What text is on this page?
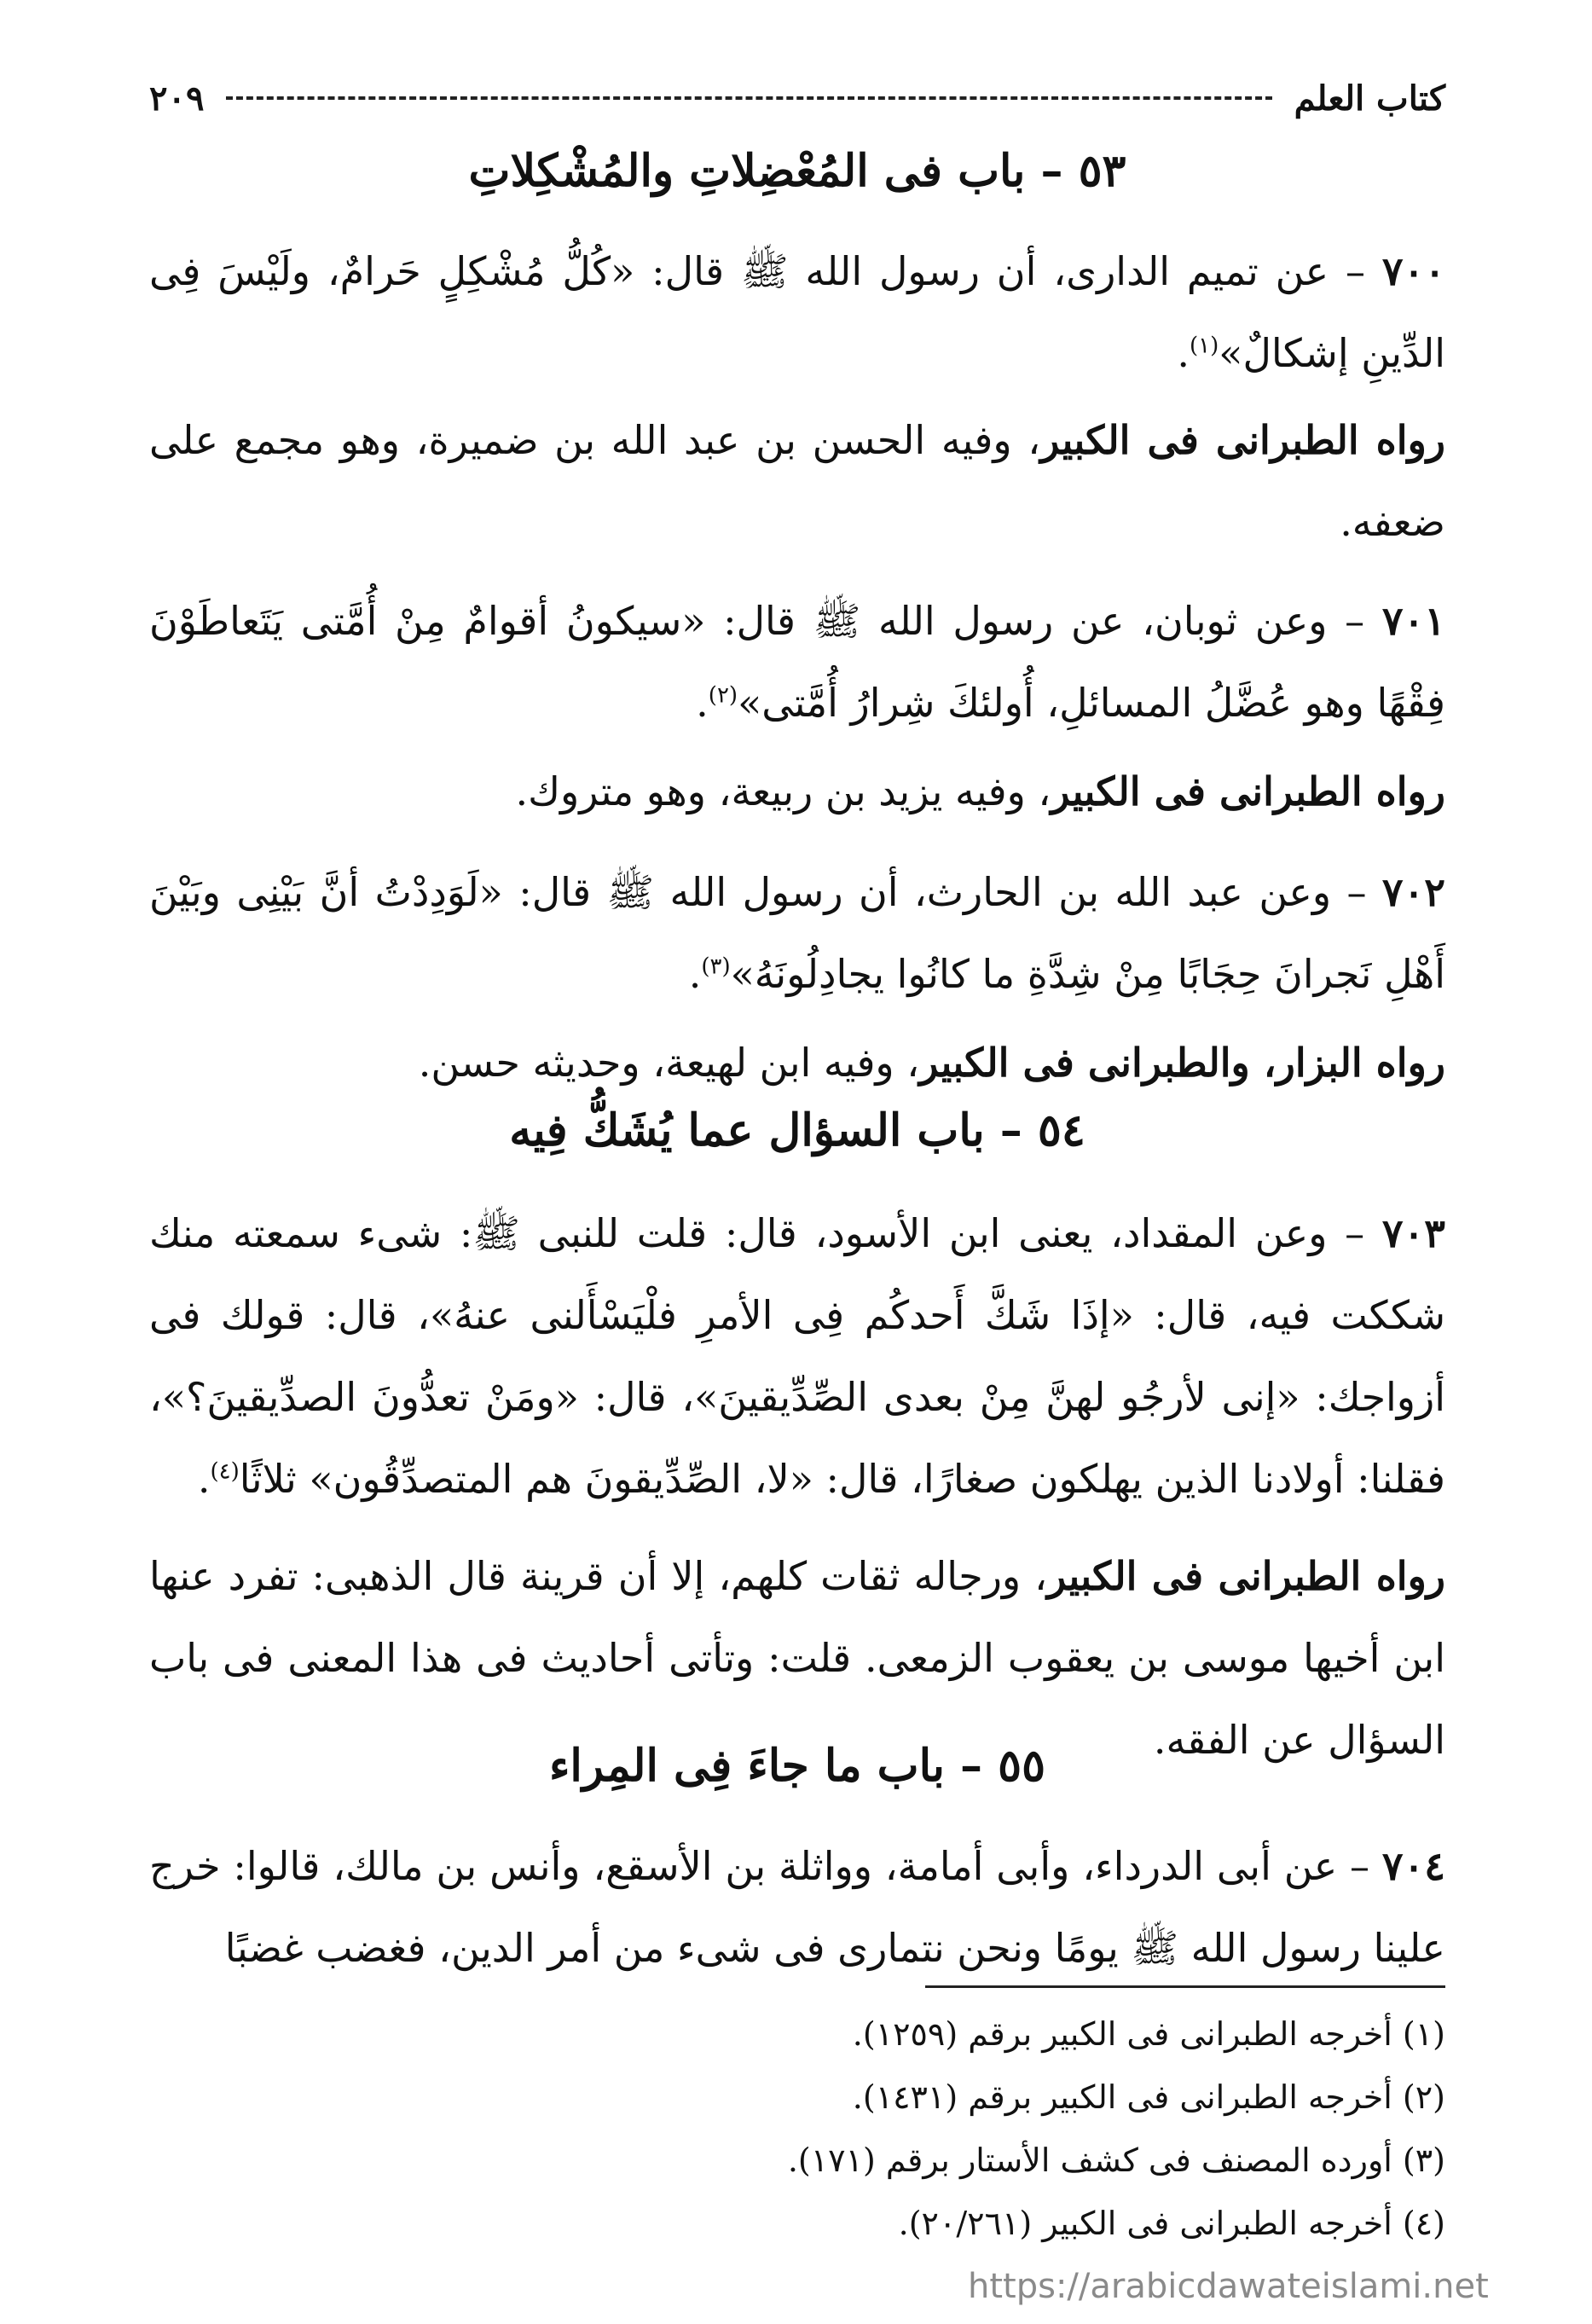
كتاب العلم
٢٠٩
٥٣ – باب فى المُعْضِلاتِ والمُشْكِلاتِ

٧٠٠ – عن تميم الدارى، أن رسول الله ﷺ قال: «كُلُّ مُشْكِلٍ حَرامٌ، ولَيْسَ فِى الدِّينِ إشكالٌ»$^{(١)}$.

رواه الطبرانى فى الكبير، وفيه الحسن بن عبد الله بن ضميرة، وهو مجمع على ضعفه.

٧٠١ – وعن ثوبان، عن رسول الله ﷺ قال: «سيكونُ أقوامٌ مِنْ أُمَّتى يَتَعاطَوْنَ فِقْهًا وهو عُضَّلُ المسائلِ، أُولئكَ شِرارُ أُمَّتى»$^{(٢)}$.

رواه الطبرانى فى الكبير، وفيه يزيد بن ربيعة، وهو متروك.

٧٠٢ – وعن عبد الله بن الحارث، أن رسول الله ﷺ قال: «لَوَدِدْتُ أنَّ بَيْنِى وبَيْنَ أَهْلِ نَجرانَ حِجَابًا مِنْ شِدَّةِ ما كانُوا يجادِلُونَهُ»$^{(٣)}$.

رواه البزار، والطبرانى فى الكبير، وفيه ابن لهيعة، وحديثه حسن.

٥٤ – باب السؤال عما يُشَكُّ فِيه

٧٠٣ – وعن المقداد، يعنى ابن الأسود، قال: قلت للنبى ﷺ: شىء سمعته منك شككت فيه، قال: «إذَا شَكَّ أَحدكُم فِى الأمرِ فلْيَسْأَلنى عنهُ»، قال: قولك فى أزواجك: «إنى لأرجُو لهنَّ مِنْ بعدى الصِّدِّيقينَ»، قال: «ومَنْ تعدُّونَ الصدِّيقينَ؟»، فقلنا: أولادنا الذين يهلكون صغارًا، قال: «لا، الصِّدِّيقونَ هم المتصدِّقُون» ثلاثًا$^{(٤)}$.

رواه الطبرانى فى الكبير، ورجاله ثقات كلهم، إلا أن قرينة قال الذهبى: تفرد عنها ابن أخيها موسى بن يعقوب الزمعى. قلت: وتأتى أحاديث فى هذا المعنى فى باب السؤال عن الفقه.

٥٥ – باب ما جاءَ فِى المِراء

٧٠٤ – عن أبى الدرداء، وأبى أمامة، وواثلة بن الأسقع، وأنس بن مالك، قالوا: خرج علينا رسول الله ﷺ يومًا ونحن نتمارى فى شىء من أمر الدين، فغضب غضبًا

(١) أخرجه الطبرانى فى الكبير برقم (١٢٥٩).

(٢) أخرجه الطبرانى فى الكبير برقم (١٤٣١).

(٣) أورده المصنف فى كشف الأستار برقم (١٧١).

(٤) أخرجه الطبرانى فى الكبير (٢٠/٢٦١).

https://arabicdawateislami.net
